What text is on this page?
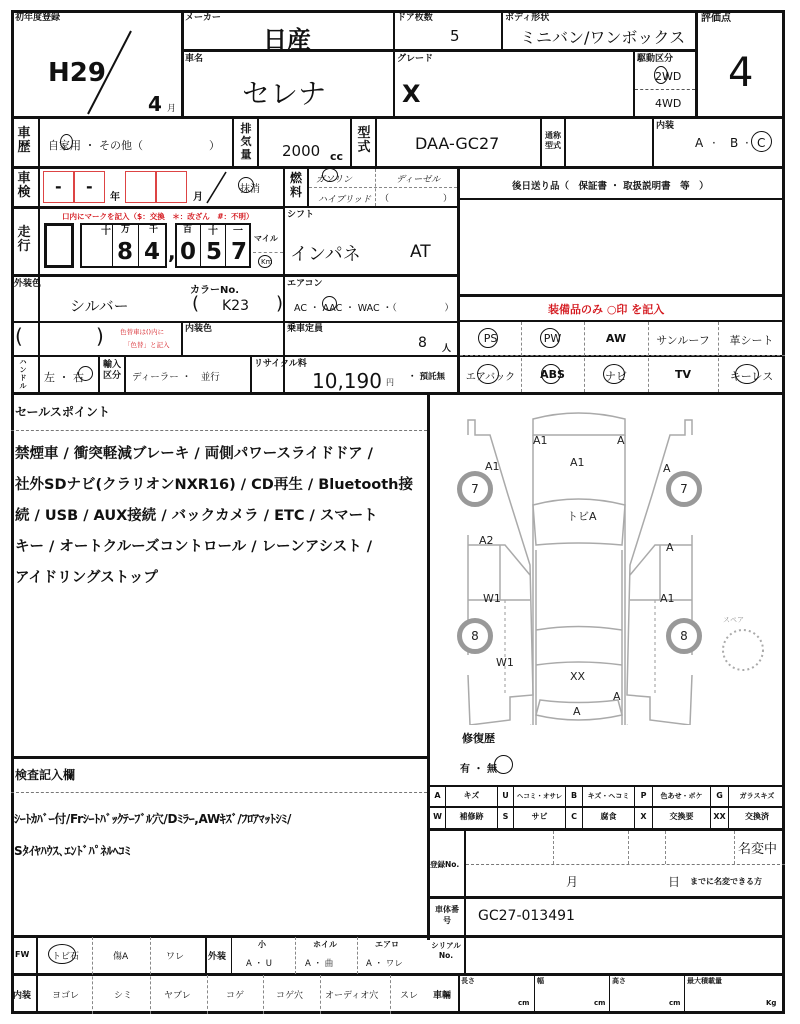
初年度登録
H29
4 月
メーカー
日産
車名
セレナ
ドア枚数
5
ボディ形状
ミニバン/ワンボックス
グレード
X
駆動区分
2WD
4WD
評価点
4
車歴 自家用 ・ その他（　　　　　　）
排気量 2000 cc
型式	DAA-GC27	通称型式
内装
A · B · C
車検 - -
年	月
抹消
燃料
ガソリン	ディーゼル
ハイブリッド （　　　　　　）
後日送り品（　保証書 ・ 取扱説明書　等　）
走行
口内にマークを記入（$：交換　＊：改ざん　#：不明）
十 万 千	百 十 一
8 4 , 0 5 7
マイル
Km
シフト
インパネ	AT
外装色
シルバー
カラーNo.
( K23 )
エアコン
AC ・ AAC ・ WAC ・（　　　　　）
(	) 色替車は()内に
「色替」と記入
内装色	乗車定員
8 人
装備品のみ ○印 を記入
PS	PW	AW	サンルーフ	革シート
エアバック	ABS	ナビ	TV	キーレス
ハンドル
左 ・ 右
輸入区分 ディーラー ・　並行
リサイクル料
10,190 円
・ 預託無
セールスポイント
禁煙車 / 衝突軽減ブレーキ / 両側パワースライドドア /
社外SDナビ(クラリオンNXR16) / CD再生 / Bluetooth接
続 / USB / AUX接続 / バックカメラ / ETC / スマート
キー / オートクルーズコントロール / レーンアシスト /
アイドリングストップ
A1	A
A1
トビA
A1
A2
W1
W1
A
A
A1
XX
A
A
7	7
8	8
スペア
修復歴
有 ・ 無
検査記入欄
ｼｰﾄｶﾊﾞｰ付/Frｼｰﾄﾊﾞｯｸﾃｰﾌﾞﾙ穴/Dﾐﾗｰ,AWｷｽﾞ/ﾌﾛｱﾏｯﾄｼﾐ/
Sﾀｲﾔﾊｳｽ､ｴﾝﾄﾞﾊﾟﾈﾙﾍｺﾐ
A	キズ	U	ヘコミ・オサレ	B	キズ・ヘコミ	P	色あせ・ボケ	G	ガラスキズ
W	補修跡	S	サビ	C	腐食	X	交換要	XX	交換済
登録No.
名変中
月	日 までに名変できる方
車体番号	GC27-013491
FW	トビ石	傷A	ワレ	外装
小
A ・ U
ホイル
A ・ 曲
エアロ
A ・ ワレ
内装 ヨゴレ	シミ	ヤブレ	コゲ	コゲ穴 オーディオ穴 スレ
シリアルNo.
車輛
長さ
cm
幅
cm
高さ
cm
最大積載量
Kg
